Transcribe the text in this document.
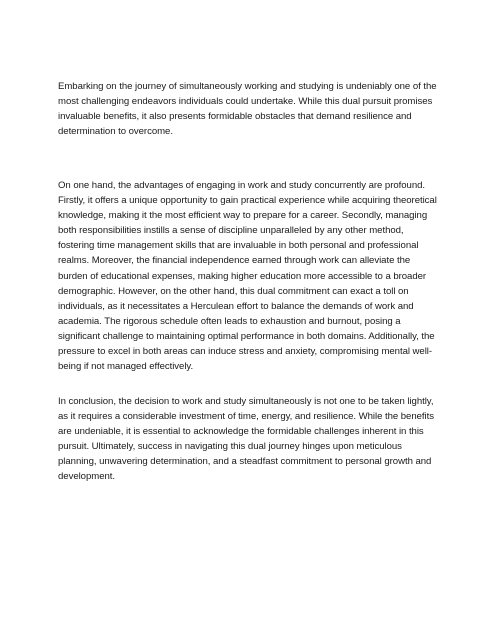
Embarking on the journey of simultaneously working and studying is undeniably one of the most challenging endeavors individuals could undertake. While this dual pursuit promises invaluable benefits, it also presents formidable obstacles that demand resilience and determination to overcome.

On one hand, the advantages of engaging in work and study concurrently are profound. Firstly, it offers a unique opportunity to gain practical experience while acquiring theoretical knowledge, making it the most efficient way to prepare for a career. Secondly, managing both responsibilities instills a sense of discipline unparalleled by any other method, fostering time management skills that are invaluable in both personal and professional realms. Moreover, the financial independence earned through work can alleviate the burden of educational expenses, making higher education more accessible to a broader demographic. However, on the other hand, this dual commitment can exact a toll on individuals, as it necessitates a Herculean effort to balance the demands of work and academia. The rigorous schedule often leads to exhaustion and burnout, posing a significant challenge to maintaining optimal performance in both domains. Additionally, the pressure to excel in both areas can induce stress and anxiety, compromising mental well-being if not managed effectively.

In conclusion, the decision to work and study simultaneously is not one to be taken lightly, as it requires a considerable investment of time, energy, and resilience. While the benefits are undeniable, it is essential to acknowledge the formidable challenges inherent in this pursuit. Ultimately, success in navigating this dual journey hinges upon meticulous planning, unwavering determination, and a steadfast commitment to personal growth and development.
